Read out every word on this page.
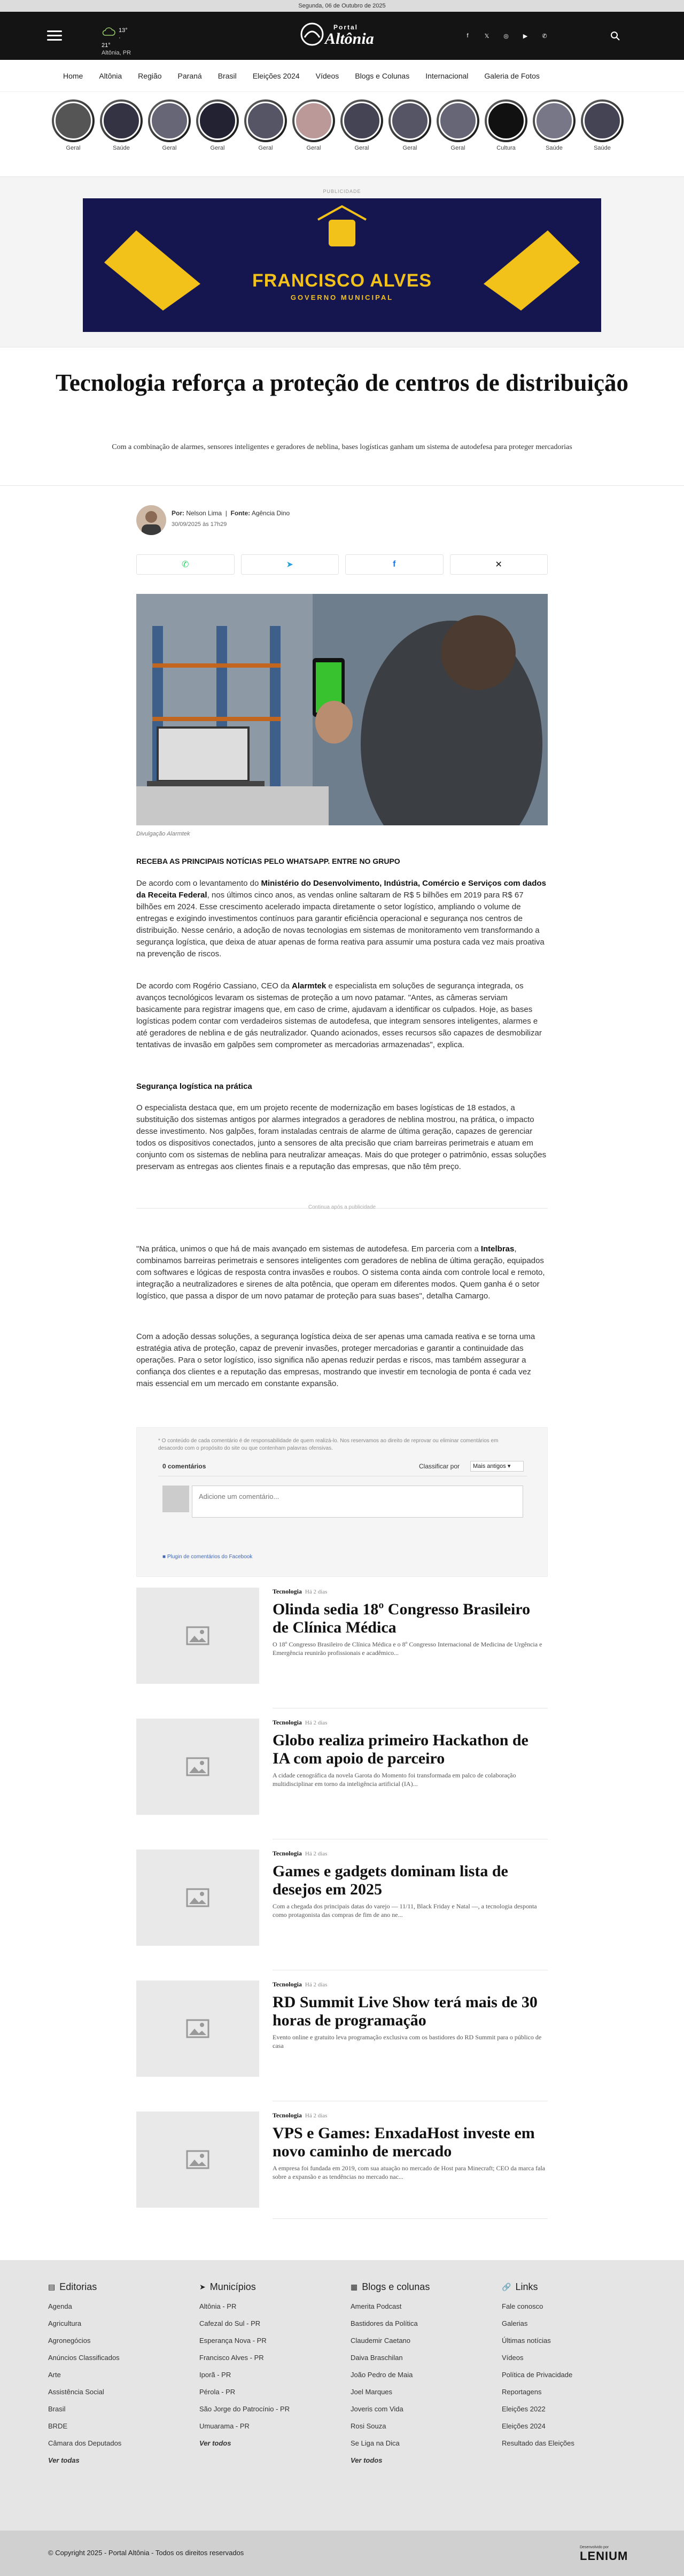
Segunda, 06 de Outubro de 2025
13° · 21°
Altônia, PR
Portal
Altônia	f	𝕏	◎	▶	✆
Home Altônia Região Paraná Brasil Eleições 2024 Vídeos Blogs e Colunas Internacional Galeria de Fotos
Geral	Saúde	Geral	Geral	Geral	Geral	Geral	Geral	Geral	Cultura	Saúde	Saúde
PUBLICIDADE
FRANCISCO ALVES
GOVERNO MUNICIPAL
Tecnologia reforça a proteção de centros de distribuição

Com a combinação de alarmes, sensores inteligentes e geradores de neblina, bases logísticas ganham um sistema de autodefesa para proteger mercadorias

Por: Nelson Lima  |  Fonte: Agência Dino
30/09/2025 às 17h29
✆	➤	f	✕
Divulgação Alarmtek
RECEBA AS PRINCIPAIS NOTÍCIAS PELO WHATSAPP. ENTRE NO GRUPO

De acordo com o levantamento do Ministério do Desenvolvimento, Indústria, Comércio e Serviços com dados da Receita Federal, nos últimos cinco anos, as vendas online saltaram de R$ 5 bilhões em 2019 para R$ 67 bilhões em 2024. Esse crescimento acelerado impacta diretamente o setor logístico, ampliando o volume de entregas e exigindo investimentos contínuos para garantir eficiência operacional e segurança nos centros de distribuição. Nesse cenário, a adoção de novas tecnologias em sistemas de monitoramento vem transformando a segurança logística, que deixa de atuar apenas de forma reativa para assumir uma postura cada vez mais proativa na prevenção de riscos.

De acordo com Rogério Cassiano, CEO da Alarmtek e especialista em soluções de segurança integrada, os avanços tecnológicos levaram os sistemas de proteção a um novo patamar. "Antes, as câmeras serviam basicamente para registrar imagens que, em caso de crime, ajudavam a identificar os culpados. Hoje, as bases logísticas podem contar com verdadeiros sistemas de autodefesa, que integram sensores inteligentes, alarmes e até geradores de neblina e de gás neutralizador. Quando acionados, esses recursos são capazes de desmobilizar tentativas de invasão em galpões sem comprometer as mercadorias armazenadas", explica.

Segurança logística na prática

O especialista destaca que, em um projeto recente de modernização em bases logísticas de 18 estados, a substituição dos sistemas antigos por alarmes integrados a geradores de neblina mostrou, na prática, o impacto desse investimento. Nos galpões, foram instaladas centrais de alarme de última geração, capazes de gerenciar todos os dispositivos conectados, junto a sensores de alta precisão que criam barreiras perimetrais e atuam em conjunto com os sistemas de neblina para neutralizar ameaças. Mais do que proteger o patrimônio, essas soluções preservam as entregas aos clientes finais e a reputação das empresas, que não têm preço.

Continua após a publicidade

"Na prática, unimos o que há de mais avançado em sistemas de autodefesa. Em parceria com a Intelbras, combinamos barreiras perimetrais e sensores inteligentes com geradores de neblina de última geração, equipados com softwares e lógicas de resposta contra invasões e roubos. O sistema conta ainda com controle local e remoto, integração a neutralizadores e sirenes de alta potência, que operam em diferentes modos. Quem ganha é o setor logístico, que passa a dispor de um novo patamar de proteção para suas bases", detalha Camargo.

Com a adoção dessas soluções, a segurança logística deixa de ser apenas uma camada reativa e se torna uma estratégia ativa de proteção, capaz de prevenir invasões, proteger mercadorias e garantir a continuidade das operações. Para o setor logístico, isso significa não apenas reduzir perdas e riscos, mas também assegurar a confiança dos clientes e a reputação das empresas, mostrando que investir em tecnologia de ponta é cada vez mais essencial em um mercado em constante expansão.

* O conteúdo de cada comentário é de responsabilidade de quem realizá-lo. Nos reservamos ao direito de reprovar ou eliminar comentários em desacordo com o propósito do site ou que contenham palavras ofensivas.
0 comentários	Classificar por	Mais antigos ▾
Adicione um comentário...
■ Plugin de comentários do Facebook
Tecnologia Há 2 dias
Olinda sedia 18º Congresso Brasileiro de Clínica Médica

O 18º Congresso Brasileiro de Clínica Médica e o 8º Congresso Internacional de Medicina de Urgência e Emergência reunirão profissionais e acadêmico...

Tecnologia Há 2 dias
Globo realiza primeiro Hackathon de IA com apoio de parceiro

A cidade cenográfica da novela Garota do Momento foi transformada em palco de colaboração multidisciplinar em torno da inteligência artificial (IA)...

Tecnologia Há 2 dias
Games e gadgets dominam lista de desejos em 2025

Com a chegada dos principais datas do varejo — 11/11, Black Friday e Natal —, a tecnologia desponta como protagonista das compras de fim de ano ne...

Tecnologia Há 2 dias
RD Summit Live Show terá mais de 30 horas de programação

Evento online e gratuito leva programação exclusiva com os bastidores do RD Summit para o público de casa

Tecnologia Há 2 dias
VPS e Games: EnxadaHost investe em novo caminho de mercado

A empresa foi fundada em 2019, com sua atuação no mercado de Host para Minecraft; CEO da marca fala sobre a expansão e as tendências no mercado nac...

▤ Editorias
Agenda
Agricultura
Agronegócios
Anúncios Classificados
Arte
Assistência Social
Brasil
BRDE
Câmara dos Deputados
Ver todas
➤ Municípios
Altônia - PR
Cafezal do Sul - PR
Esperança Nova - PR
Francisco Alves - PR
Iporã - PR
Pérola - PR
São Jorge do Patrocínio - PR
Umuarama - PR
Ver todos
▦ Blogs e colunas
Amerita Podcast
Bastidores da Política
Claudemir Caetano
Daiva Braschilan
João Pedro de Maia
Joel Marques
Joveris com Vida
Rosi Souza
Se Liga na Dica
Ver todos
🔗 Links
Fale conosco
Galerias
Últimas notícias
Vídeos
Política de Privacidade
Reportagens
Eleições 2022
Eleições 2024
Resultado das Eleições
© Copyright 2025 - Portal Altônia - Todos os direitos reservados
Desenvolvido por
LENIUM
